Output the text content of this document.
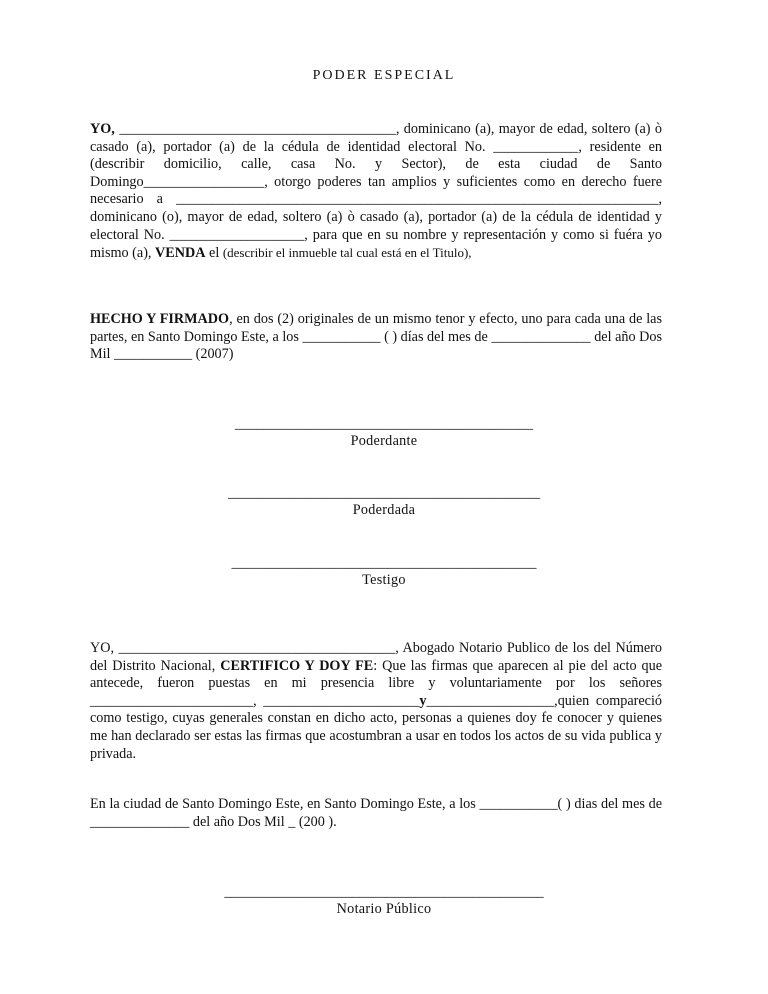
PODER ESPECIAL

YO, _______________________________________, dominicano (a), mayor de edad, soltero (a) ò casado (a), portador (a) de la cédula de identidad electoral No. ____________, residente en (describir domicilio, calle, casa No. y Sector), de esta ciudad de Santo Domingo_________________, otorgo poderes tan amplios y suficientes como en derecho fuere necesario a ____________________________________________________________________, dominicano (o), mayor de edad, soltero (a) ò casado (a), portador (a) de la cédula de identidad y electoral No. ___________________, para que en su nombre y representación y como si fuéra yo mismo (a), VENDA el (describir el inmueble tal cual está en el Titulo),

HECHO Y FIRMADO, en dos (2) originales de un mismo tenor y efecto, uno para cada una de las partes, en Santo Domingo Este, a los ___________ ( ) días del mes de ______________ del año Dos Mil ___________ (2007)

__________________________________________
Poderdante
____________________________________________
Poderdada
___________________________________________
Testigo

YO, _______________________________________, Abogado Notario Publico de los del Número del Distrito Nacional, CERTIFICO Y DOY FE: Que las firmas que aparecen al pie del acto que antecede, fueron puestas en mi presencia libre y voluntariamente por los señores _______________________, ______________________y__________________,quien compareció como testigo, cuyas generales constan en dicho acto, personas a quienes doy fe conocer y quienes me han declarado ser estas las firmas que acostumbran a usar en todos los actos de su vida publica y privada.

En la ciudad de Santo Domingo Este, en Santo Domingo Este, a los ___________( ) dias del mes de ______________ del año Dos Mil _ (200 ).

_____________________________________________
Notario Público
